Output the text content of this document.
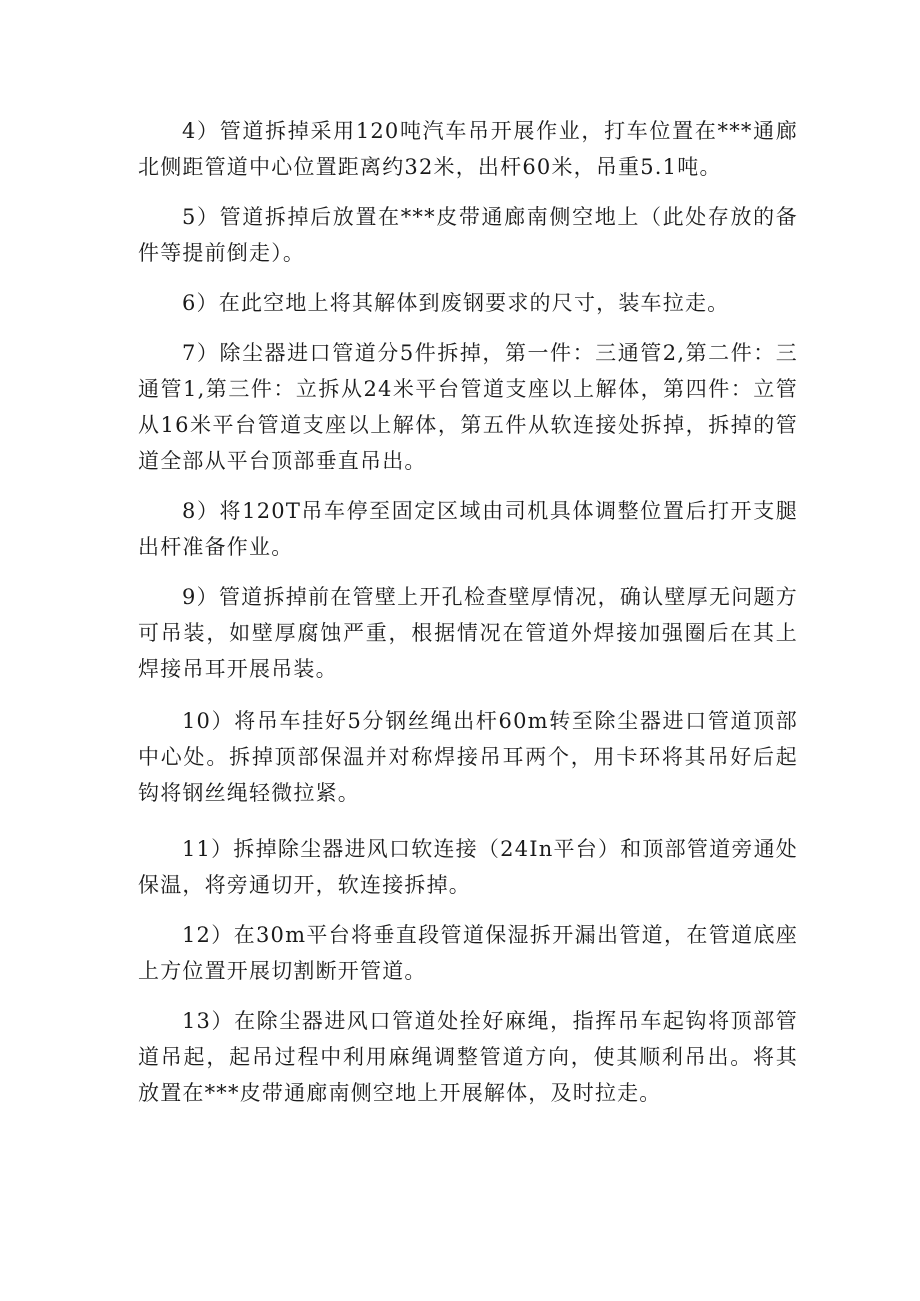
4）管道拆掉采用120吨汽车吊开展作业，打车位置在***通廊北侧距管道中心位置距离约32米，出杆60米，吊重5.1吨。

5）管道拆掉后放置在***皮带通廊南侧空地上（此处存放的备件等提前倒走）。

6）在此空地上将其解体到废钢要求的尺寸，装车拉走。

7）除尘器进口管道分5件拆掉，第一件：三通管2,第二件：三通管1,第三件：立拆从24米平台管道支座以上解体，第四件：立管从16米平台管道支座以上解体，第五件从软连接处拆掉，拆掉的管道全部从平台顶部垂直吊出。

8）将120T吊车停至固定区域由司机具体调整位置后打开支腿出杆准备作业。

9）管道拆掉前在管壁上开孔检查壁厚情况，确认壁厚无问题方可吊装，如壁厚腐蚀严重，根据情况在管道外焊接加强圈后在其上焊接吊耳开展吊装。

10）将吊车挂好5分钢丝绳出杆60m转至除尘器进口管道顶部中心处。拆掉顶部保温并对称焊接吊耳两个，用卡环将其吊好后起钩将钢丝绳轻微拉紧。

11）拆掉除尘器进风口软连接（24In平台）和顶部管道旁通处保温，将旁通切开，软连接拆掉。

12）在30m平台将垂直段管道保湿拆开漏出管道，在管道底座上方位置开展切割断开管道。

13）在除尘器进风口管道处拴好麻绳，指挥吊车起钩将顶部管道吊起，起吊过程中利用麻绳调整管道方向，使其顺利吊出。将其放置在***皮带通廊南侧空地上开展解体，及时拉走。
